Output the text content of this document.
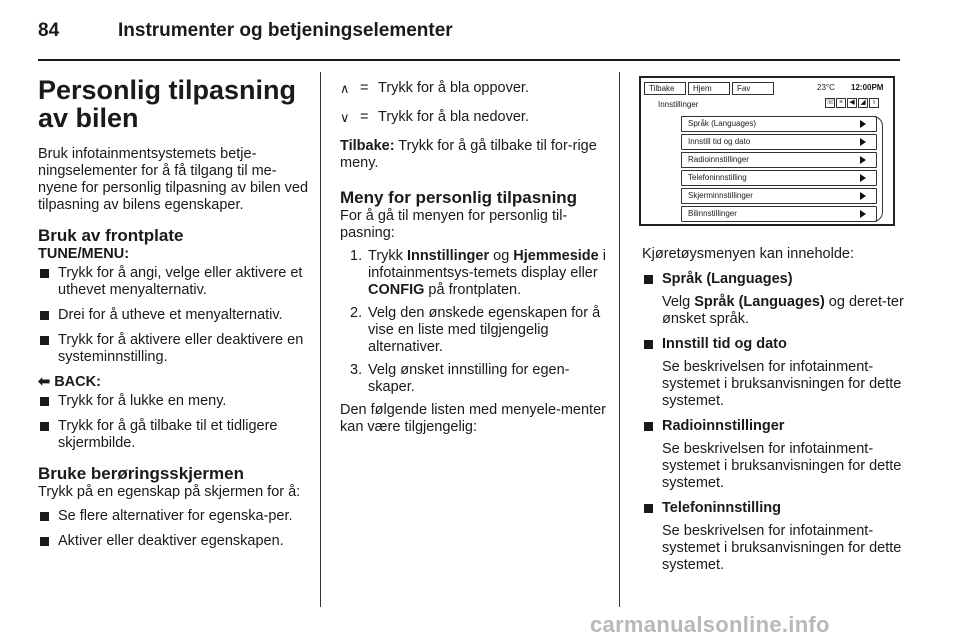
84	Instrumenter og betjeningselementer
Personlig tilpasning av bilen

Bruk infotainmentsystemets betje-ningselementer for å få tilgang til me-nyene for personlig tilpasning av bilen ved tilpasning av bilens egenskaper.

Bruk av frontplate
TUNE/MENU:
Trykk for å angi, velge eller aktivere et uthevet menyalternativ.
Drei for å utheve et menyalternativ.
Trykk for å aktivere eller deaktivere en systeminnstilling.
⬅ BACK:
Trykk for å lukke en meny.
Trykk for å gå tilbake til et tidligere skjermbilde.
Bruke berøringsskjermen

Trykk på en egenskap på skjermen for å:

Se flere alternativer for egenska-per.
Aktiver eller deaktiver egenskapen.
∧ = Trykk for å bla oppover.
∨ = Trykk for å bla nedover.

Tilbake: Trykk for å gå tilbake til for-rige meny.

Meny for personlig tilpasning

For å gå til menyen for personlig til-pasning:

1. Trykk Innstillinger og Hjemmeside i infotainmentsys-temets display eller CONFIG på frontplaten.
2. Velg den ønskede egenskapen for å vise en liste med tilgjengelig alternativer.
3. Velg ønsket innstilling for egen-skaper.

Den følgende listen med menyele-menter kan være tilgjengelig:

Tilbake	Hjem	Fav	23°C 12:00PM
Innstillinger	☏ × ◀ ◢	i
Språk (Languages)
Innstill tid og dato
Radioinnstillinger
Telefoninnstilling
Skjerminnstillinger
Bilinnstillinger

Kjøretøysmenyen kan inneholde:

Språk (Languages)
Velg Språk (Languages) og deret-ter ønsket språk.
Innstill tid og dato
Se beskrivelsen for infotainment-systemet i bruksanvisningen for dette systemet.
Radioinnstillinger
Se beskrivelsen for infotainment-systemet i bruksanvisningen for dette systemet.
Telefoninnstilling
Se beskrivelsen for infotainment-systemet i bruksanvisningen for dette systemet.
carmanualsonline.info
